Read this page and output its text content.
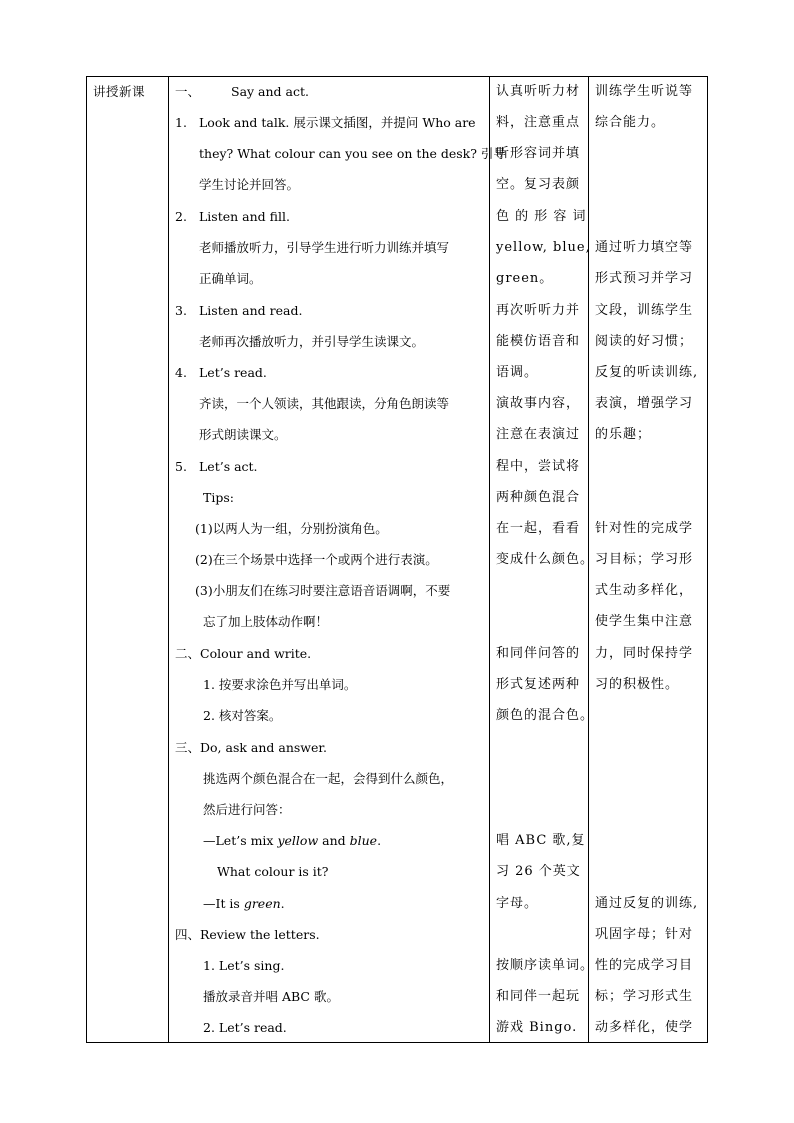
讲授新课 一、 Say and act.
1. Look and talk. 展示课文插图，并提问 Who are
they? What colour can you see on the desk? 引导
学生讨论并回答。
2. Listen and fill.
老师播放听力，引导学生进行听力训练并填写
正确单词。
3. Listen and read.
老师再次播放听力，并引导学生读课文。
4. Let’s read.
齐读，一个人领读，其他跟读，分角色朗读等
形式朗读课文。
5. Let’s act.
Tips:
(1)以两人为一组，分别扮演角色。
(2)在三个场景中选择一个或两个进行表演。
(3)小朋友们在练习时要注意语音语调啊，不要
忘了加上肢体动作啊！
二、Colour and write.
1. 按要求涂色并写出单词。
2. 核对答案。
三、Do, ask and answer.
挑选两个颜色混合在一起，会得到什么颜色，
然后进行问答：
—Let’s mix yellow and blue.
What colour is it?
—It is green.
四、Review the letters.
1. Let’s sing.
播放录音并唱 ABC 歌。
2. Let’s read.
认真听听力材
料，注意重点
听形容词并填
空。复习表颜
色 的 形 容 词
yellow, blue,
green。
再次听听力并
能模仿语音和
语调。
演故事内容，
注意在表演过
程中，尝试将
两种颜色混合
在一起，看看
变成什么颜色。
和同伴问答的
形式复述两种
颜色的混合色。
唱 ABC 歌,复
习 26 个英文
字母。
按顺序读单词。
和同伴一起玩
游戏 Bingo.
训练学生听说等
综合能力。
通过听力填空等
形式预习并学习
文段，训练学生
阅读的好习惯；
反复的听读训练,
表演，增强学习
的乐趣；
针对性的完成学
习目标；学习形
式生动多样化，
使学生集中注意
力，同时保持学
习的积极性。
通过反复的训练,
巩固字母；针对
性的完成学习目
标；学习形式生
动多样化，使学
